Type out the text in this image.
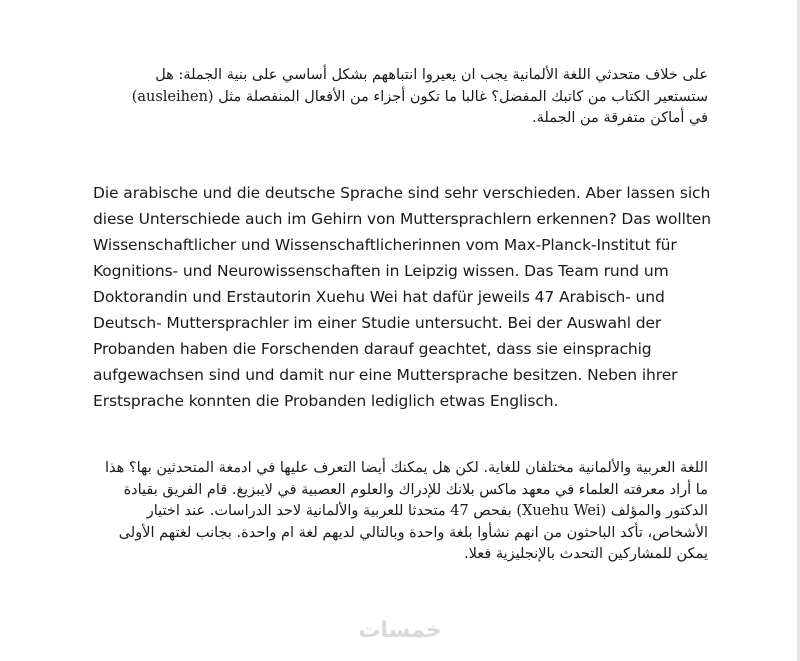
على خلاف متحدثي اللغة الألمانية يجب ان يعيروا انتباههم بشكل أساسي على بنية الجملة: هل ستستعير الكتاب من كاتبك المفضل؟ غالبا ما تكون أجزاء من الأفعال المنفصلة مثل (ausleihen) في أماكن متفرقة من الجملة.

Die arabische und die deutsche Sprache sind sehr verschieden. Aber lassen sich diese Unterschiede auch im Gehirn von Muttersprachlern erkennen? Das wollten Wissenschaftlicher und Wissenschaftlicherinnen vom Max-Planck-Institut für Kognitions- und Neurowissenschaften in Leipzig wissen. Das Team rund um Doktorandin und Erstautorin Xuehu Wei hat dafür jeweils 47 Arabisch- und Deutsch- Muttersprachler im einer Studie untersucht. Bei der Auswahl der Probanden haben die Forschenden darauf geachtet, dass sie einsprachig aufgewachsen sind und damit nur eine Muttersprache besitzen. Neben ihrer Erstsprache konnten die Probanden lediglich etwas Englisch.

اللغة العربية والألمانية مختلفان للغاية. لكن هل يمكنك أيضا التعرف عليها في ادمغة المتحدثين بها؟ هذا ما أراد معرفته العلماء في معهد ماكس بلانك للإدراك والعلوم العصبية في لايبزيغ. قام الفريق بقيادة الدكتور والمؤلف (Xuehu Wei) بفحص 47 متحدثا للعربية والألمانية لاحد الدراسات. عند اختيار الأشخاص، تأكد الباحثون من انهم نشأوا بلغة واحدة وبالتالي لديهم لغة ام واحدة. بجانب لغتهم الأولى يمكن للمشاركين التحدث بالإنجليزية فعلا.

خمسات
